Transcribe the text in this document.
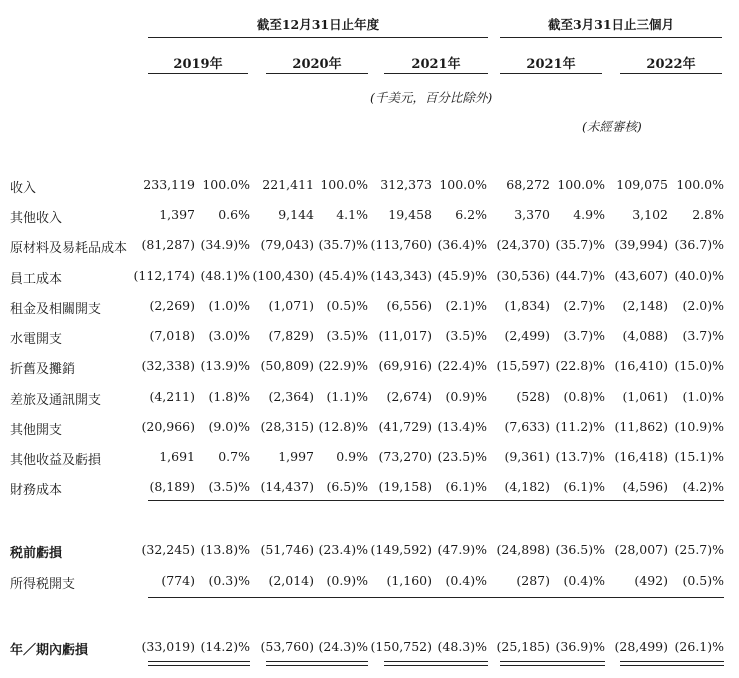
截至12月31日止年度	截至3月31日止三個月
2019年	2020年	2021年	2021年	2022年
(千美元，百分比除外)
(未經審核)
收入	233,119 100.0% 221,411 100.0% 312,373 100.0% 68,272 100.0% 109,075 100.0%
其他收入	1,397 0.6% 9,144 4.1% 19,458 6.2% 3,370 4.9% 3,102 2.8%
原材料及易耗品成本 (81,287) (34.9)% (79,043) (35.7)% (113,760) (36.4)% (24,370) (35.7)% (39,994) (36.7)%
員工成本	(112,174) (48.1)% (100,430) (45.4)% (143,343) (45.9)% (30,536) (44.7)% (43,607) (40.0)%
租金及相關開支	(2,269) (1.0)% (1,071) (0.5)% (6,556) (2.1)% (1,834) (2.7)% (2,148) (2.0)%
水電開支	(7,018) (3.0)% (7,829) (3.5)% (11,017) (3.5)% (2,499) (3.7)% (4,088) (3.7)%
折舊及攤銷	(32,338) (13.9)% (50,809) (22.9)% (69,916) (22.4)% (15,597) (22.8)% (16,410) (15.0)%
差旅及通訊開支	(4,211) (1.8)% (2,364) (1.1)% (2,674) (0.9)% (528) (0.8)% (1,061) (1.0)%
其他開支	(20,966) (9.0)% (28,315) (12.8)% (41,729) (13.4)% (7,633) (11.2)% (11,862) (10.9)%
其他收益及虧損	1,691 0.7% 1,997 0.9% (73,270) (23.5)% (9,361) (13.7)% (16,418) (15.1)%
財務成本	(8,189) (3.5)% (14,437) (6.5)% (19,158) (6.1)% (4,182) (6.1)% (4,596) (4.2)%
税前虧損	(32,245) (13.8)% (51,746) (23.4)% (149,592) (47.9)% (24,898) (36.5)% (28,007) (25.7)%
所得税開支	(774) (0.3)% (2,014) (0.9)% (1,160) (0.4)% (287) (0.4)% (492) (0.5)%
年／期內虧損	(33,019) (14.2)% (53,760) (24.3)% (150,752) (48.3)% (25,185) (36.9)% (28,499) (26.1)%
